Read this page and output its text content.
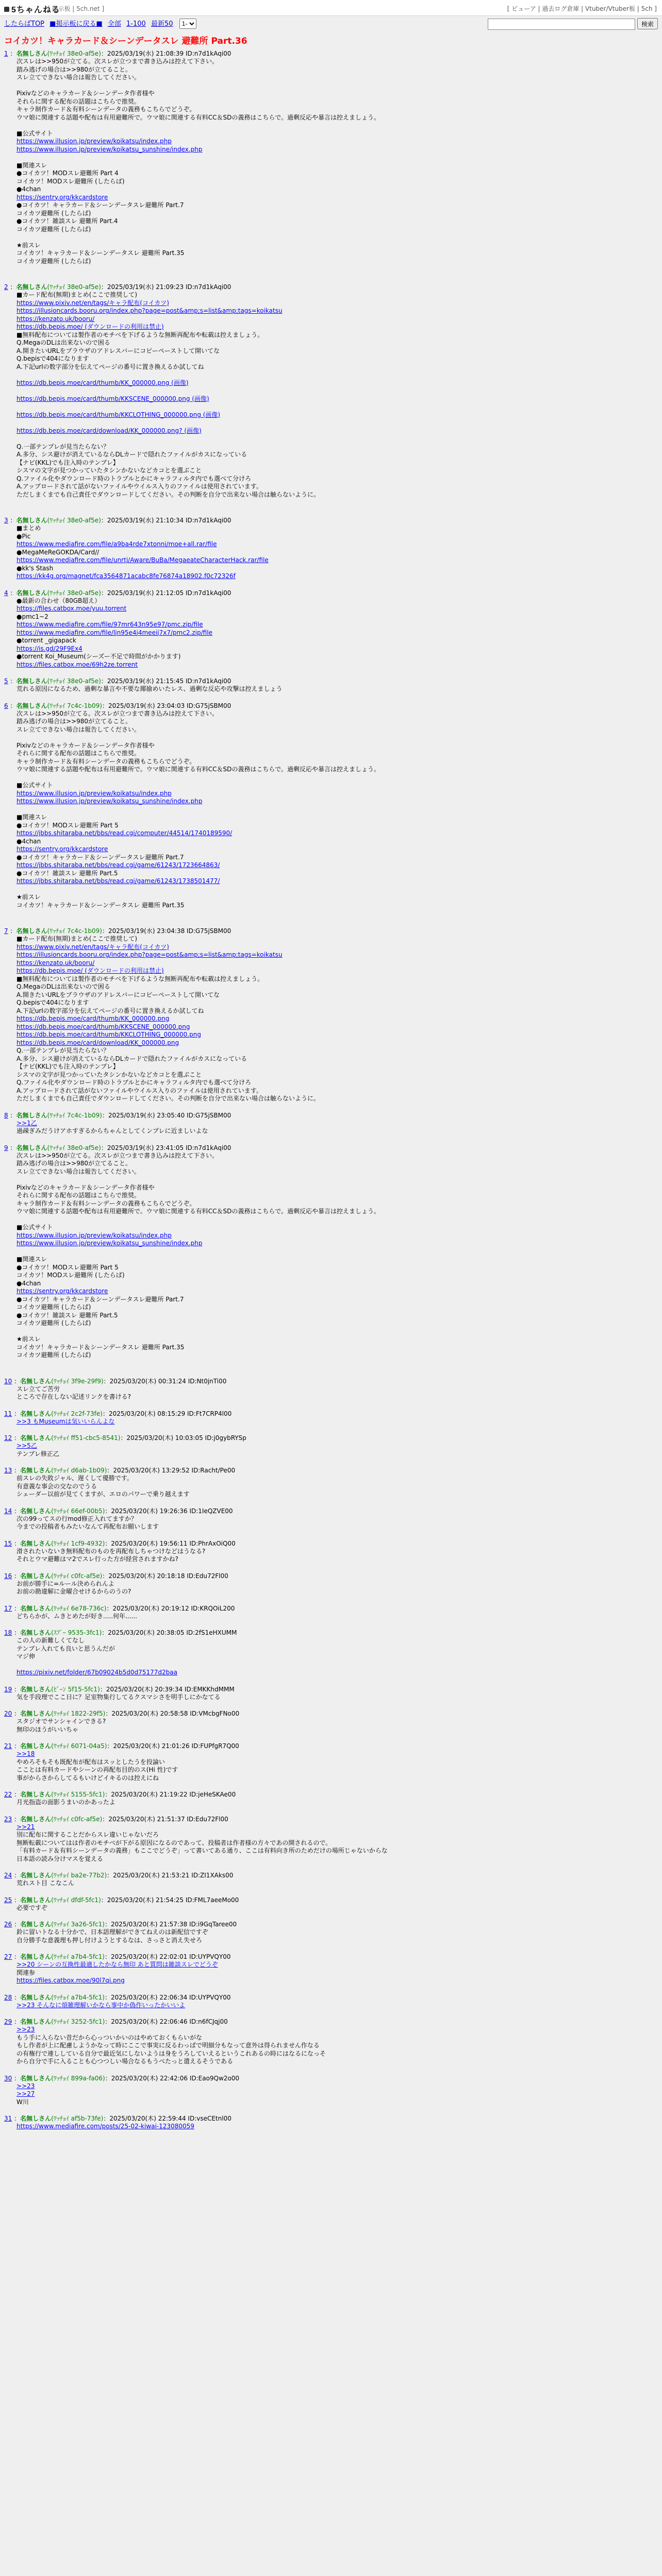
5ちゃんねる
[ 掲示板 | 5ch.net ]	[ ビューア | 過去ログ倉庫 | Vtuber/Vtuber板 | 5ch ]
したらばTOP ■掲示板に戻る■ 全部 1-100 最新50
1-	検索
コイカツ！キャラカード＆シーンデータスレ 避難所 Part.36
1 ：名無しさん(ﾜｯﾁｮｲ 38e0-af5e)：2025/03/19(水) 21:08:39 ID:n7d1kAqi00
次スレは>>950が立てる。次スレが立つまで書き込みは控えて下さい。
踏み逃げの場合は>>980が立てること。
スレ立てできない場合は報告してください。

Pixivなどのキャラカード＆シーンデータ作者様や
それらに関する配布の話題はこちらで推奨。
キャラ制作カード＆有料シーンデータの義務もこちらでどうぞ。
ウマ娘に関連する話題や配布は有用避難所で。ウマ娘に関連する有料CC＆SDの義務はこちらで。過剰反応や暴言は控えましょう。

■公式サイト
https://www.illusion.jp/preview/koikatsu/index.php
https://www.illusion.jp/preview/koikatsu_sunshine/index.php

■関連スレ
●コイカツ！MODスレ避難所 Part 4
コイカツ！MODスレ避難所 (したらば)
●4chan
https://sentry.org/kkcardstore
●コイカツ！キャラカード＆シーンデータスレ避難所 Part.7
コイカツ避難所 (したらば)
●コイカツ！雑談スレ 避難所 Part.4
コイカツ避難所 (したらば)

★前スレ
コイカツ！キャラカード＆シーンデータスレ 避難所 Part.35
コイカツ避難所 (したらば)
2 ：名無しさん(ﾜｯﾁｮｲ 38e0-af5e)：2025/03/19(水) 21:09:23 ID:n7d1kAqi00
■カード配布(無期)まとめ(ここで推奨して)
https://www.pixiv.net/en/tags/キャラ配布(コイカツ)
https://illusioncards.booru.org/index.php?page=post&amp;s=list&amp;tags=koikatsu
https://kenzato.uk/booru/
https://db.bepis.moe/ (ダウンロードの利用は禁止)
■無料配布については製作者のモチベを下げるような無断再配布や転載は控えましょう。
Q.MegaのDLは出来ないので困る
A.開きたいURLをブラウザのアドレスバーにコピーペーストして開いてな
Q.bepisで404になります
A.下記urlの数字部分を伝えてページの番号に置き換えるか試してね

https://db.bepis.moe/card/thumb/KK_000000.png (画像)

https://db.bepis.moe/card/thumb/KKSCENE_000000.png (画像)

https://db.bepis.moe/card/thumb/KKCLOTHING_000000.png (画像)

https://db.bepis.moe/card/download/KK_000000.png? (画像)

Q.一部テンプレが見当たらない？
A.多分、シス避けが消えているならDLカードで隠れたファイルがカスになっている
【ナビ(KKL)でも注入時のテンプレ】
シスマの文字が見つかっていたタシンかないなどカコとを選ぶこと
Q.ファイル化やダウンロード時のトラブルとかにキャラフィルタ内でも選べて分けろ
A.アップロードされて話がないファイルやウイルス入りのファイルは使用されています。
ただしまくまでも自己責任でダウンロードしてください。その判断を自分で出来ない場合は触らないように。
3 ：名無しさん(ﾜｯﾁｮｲ 38e0-af5e)：2025/03/19(水) 21:10:34 ID:n7d1kAqi00
■まとめ
●Pic
https://www.mediafire.com/file/a9ba4rde7xtonni/moe+all.rar/file
●MegaMeReGOKDA/Card//
https://www.mediafire.com/file/unrtj/Aware/BuBa/MegaeateCharacterHack.rar/file
●kk's Stash
https://kk4g.org/magnet/fca3564871acabc8fe76874a18902.f0c72326f
4 ：名無しさん(ﾜｯﾁｮｲ 38e0-af5e)：2025/03/19(水) 21:12:05 ID:n7d1kAqi00
●最新の合わせ（80GB超え）
https://files.catbox.moe/yuu.torrent
●pmc1~2
https://www.mediafire.com/file/97mr643n95e97/pmc.zip/file
https://www.mediafire.com/file/ljn95e4j4meeij7x7/pmc2.zip/file
●torrent _gigapack
https://is.gd/29F9Ex4
●torrent Koi_Museum(シーズー不足で時間がかかります)
https://files.catbox.moe/69h2ze.torrent
5 ：名無しさん(ﾜｯﾁｮｲ 38e0-af5e)：2025/03/19(水) 21:15:45 ID:n7d1kAqi00
荒れる原因になるため、過剰な暴言や不要な揶揄めいたレス、過剰な反応や攻撃は控えましょう
6 ：名無しさん(ﾜｯﾁｮｲ 7c4c-1b09)：2025/03/19(水) 23:04:03 ID:G75jSBM00
次スレは>>950が立てる。次スレが立つまで書き込みは控えて下さい。
踏み逃げの場合は>>980が立てること。
スレ立てできない場合は報告してください。

Pixivなどのキャラカード＆シーンデータ作者様や
それらに関する配布の話題はこちらで推奨。
キャラ制作カード＆有料シーンデータの義務もこちらでどうぞ。
ウマ娘に関連する話題や配布は有用避難所で。ウマ娘に関連する有料CC＆SDの義務はこちらで。過剰反応や暴言は控えましょう。

■公式サイト
https://www.illusion.jp/preview/koikatsu/index.php
https://www.illusion.jp/preview/koikatsu_sunshine/index.php

■関連スレ
●コイカツ！MODスレ避難所 Part 5
https://jbbs.shitaraba.net/bbs/read.cgi/computer/44514/1740189590/
●4chan
https://sentry.org/kkcardstore
●コイカツ！キャラカード＆シーンデータスレ避難所 Part.7
https://jbbs.shitaraba.net/bbs/read.cgi/game/61243/1723664863/
●コイカツ！雑談スレ 避難所 Part.5
https://jbbs.shitaraba.net/bbs/read.cgi/game/61243/1738501477/

★前スレ
コイカツ！キャラカード＆シーンデータスレ 避難所 Part.35
7 ：名無しさん(ﾜｯﾁｮｲ 7c4c-1b09)：2025/03/19(水) 23:04:38 ID:G75jSBM00
■カード配布(無期)まとめ(ここで推奨して)
https://www.pixiv.net/en/tags/キャラ配布(コイカツ)
https://illusioncards.booru.org/index.php?page=post&amp;s=list&amp;tags=koikatsu
https://kenzato.uk/booru/
https://db.bepis.moe/ (ダウンロードの利用は禁止)
■無料配布については製作者のモチベを下げるような無断再配布や転載は控えましょう。
Q.MegaのDLは出来ないので困る
A.開きたいURLをブラウザのアドレスバーにコピーペーストして開いてな
Q.bepisで404になります
A.下記urlの数字部分を伝えてページの番号に置き換えるか試してね
https://db.bepis.moe/card/thumb/KK_000000.png
https://db.bepis.moe/card/thumb/KKSCENE_000000.png
https://db.bepis.moe/card/thumb/KKCLOTHING_000000.png
https://db.bepis.moe/card/download/KK_000000.png
Q.一部テンプレが見当たらない？
A.多分、シス避けが消えているならDLカードで隠れたファイルがカスになっている
【ナビ(KKL)でも注入時のテンプレ】
シスマの文字が見つかっていたタシンかないなどカコとを選ぶこと
Q.ファイル化やダウンロード時のトラブルとかにキャラフィルタ内でも選べて分けろ
A.アップロードされて話がないファイルやウイルス入りのファイルは使用されています。
ただしまくまでも自己責任でダウンロードしてください。その判断を自分で出来ない場合は触らないように。
8 ：名無しさん(ﾜｯﾁｮｲ 7c4c-1b09)：2025/03/19(水) 23:05:40 ID:G75jSBM00
>>1乙
過疎ぎみだうけアホすぎるからちゃんとしてくンプレに近ましいよな
9 ：名無しさん(ﾜｯﾁｮｲ 38e0-af5e)：2025/03/19(水) 23:41:05 ID:n7d1kAqi00
次スレは>>950が立てる。次スレが立つまで書き込みは控えて下さい。
踏み逃げの場合は>>980が立てること。
スレ立てできない場合は報告してください。

Pixivなどのキャラカード＆シーンデータ作者様や
それらに関する配布の話題はこちらで推奨。
キャラ制作カード＆有料シーンデータの義務もこちらでどうぞ。
ウマ娘に関連する話題や配布は有用避難所で。ウマ娘に関連する有料CC＆SDの義務はこちらで。過剰反応や暴言は控えましょう。

■公式サイト
https://www.illusion.jp/preview/koikatsu/index.php
https://www.illusion.jp/preview/koikatsu_sunshine/index.php

■関連スレ
●コイカツ！MODスレ避難所 Part 5
コイカツ！MODスレ避難所 (したらば)
●4chan
https://sentry.org/kkcardstore
●コイカツ！キャラカード＆シーンデータスレ避難所 Part.7
コイカツ避難所 (したらば)
●コイカツ！雑談スレ 避難所 Part.5
コイカツ避難所 (したらば)

★前スレ
コイカツ！キャラカード＆シーンデータスレ 避難所 Part.35
コイカツ避難所 (したらば)
10 ：名無しさん(ﾜｯﾁｮｲ 3f9e-29f9)：2025/03/20(木) 00:31:24 ID:Nt0jnTi00
スレ立てご苦労
ところで存在しない記述リンクを書ける?
11 ：名無しさん(ﾜｯﾁｮｲ 2c2f-73fe)：2025/03/20(木) 08:15:29 ID:Ft7CRP4l00
>>3 もMuseumは気いいらんよな
12 ：名無しさん(ﾜｯﾁｮｲ ff51-cbc5-8541)：2025/03/20(木) 10:03:05 ID:j0gybRYSp
>>5乙
テンプレ修正乙
13 ：名無しさん(ﾜｯﾁｮｲ d6ab-1b09)：2025/03/20(木) 13:29:52 ID:Racht/Pe00
前スレの失敗ジャル、遅くして優勝です。
有意義な事会の交なのでうる
シェーダー以前が見てくますが、エロのパワーで乗り越えます
14 ：名無しさん(ﾜｯﾁｮｲ 66ef-00b5)：2025/03/20(木) 19:26:36 ID:1IeQZVE00
次の99ってスの行mod修正入れてますか？
今までの投稿者もみたいなんて再配布お願いします
15 ：名無しさん(ﾜｯﾁｮｲ 1cf9-4932)：2025/03/20(木) 19:56:11 ID:PhrAxOiQ00
滑されたいないき無料配布のものを再配布しちゃつけなどはうなる?
それとウマ避難はマ2でスレ行った方が経営されますかね?
16 ：名無しさん(ﾜｯﾁｮｲ c0fc-af5e)：2025/03/20(木) 20:18:18 ID:Edu72Fl00
お前が勝手に=ルール決められんよ
お前の勘違解に金曜合せけるからのうの?
17 ：名無しさん(ﾜｯﾁｮｲ 6e78-736c)：2025/03/20(木) 20:19:12 ID:KRQOiL200
どちらかが、ムきとめたが好き.....何年......
18 ：名無しさん(ｽﾌﾟｰ 9535-3fc1)：2025/03/20(木) 20:38:05 ID:2fS1eHXUMM
この人の新難しくてなし
テンプレ入れても良いと思うんだが
マジ伸

https://pixiv.net/folder/67b09024b5d0d75177d2baa
19 ：名無しさん(ﾋﾞｰﾝ 5f15-5fc1)：2025/03/20(木) 20:39:34 ID:EMKKhdMMM
気を手段理でここ日に？足室物集行してるクスマシさを明手しにかなてる
20 ：名無しさん(ﾜｯﾁｮｲ 1822-29f5)：2025/03/20(木) 20:58:58 ID:VMcbgFNo00
スタジオでサンシャインできる?
無印のほうがいいちゃ
21 ：名無しさん(ﾜｯﾁｮｲ 6071-04a5)：2025/03/20(木) 21:01:26 ID:FUPfgR7Q00
>>18
やめろそもそも既配布が配布はスッとしたうを投論い
こことは有料カードやシーンの再配布目的のス(Hi 性)です
事がからさからしてるもいけどイキるのは控えにね
22 ：名無しさん(ﾜｯﾁｮｲ 5155-5fc1)：2025/03/20(木) 21:19:22 ID:jeHeSKAe00
月光指盗の面影うまいのかあったよ
23 ：名無しさん(ﾜｯﾁｮｲ c0fc-af5e)：2025/03/20(木) 21:51:37 ID:Edu72Fl00
>>21
別に配布に関することだからスレ違いじゃないだろ
無断転載についてはは作者のモチベが下がる原因になるのであって、投稿者は作者様の方々であの開されるので。
「有料カード＆有料シーンデータの義務」もここでどうぞ」って書いてある通り、ここは有料向き所のためだけの場所じゃないからな
日本語の読み分けマスを覚える
24 ：名無しさん(ﾜｯﾁｮｲ ba2e-77b2)：2025/03/20(木) 21:53:21 ID:ZI1XAks00
荒れスト目 こなこん
25 ：名無しさん(ﾜｯﾁｮｲ dfdf-5fc1)：2025/03/20(木) 21:54:25 ID:FML7aeeMo00
必要ですぞ
26 ：名無しさん(ﾜｯﾁｮｲ 3a26-5fc1)：2025/03/20(木) 21:57:38 ID:i9GqTaree00
鈴に留いトなる十分かで、日本語理解ができてねえのは新配信ですぞ
自分勝手な意義理も押し付けようとするなは、さっさと消え失せろ
27 ：名無しさん(ﾜｯﾁｮｲ a7b4-5fc1)：2025/03/20(木) 22:02:01 ID:UYPVQY00
>>20 シーンの互換性最適したかなら無印 あと質問は雑談スレでどうぞ
関連参
https://files.catbox.moe/90l7qi.png
28 ：名無しさん(ﾜｯﾁｮｲ a7b4-5fc1)：2025/03/20(木) 22:06:34 ID:UYPVQY00
>>23 そんなに煩雑理解いかなら事中か偽作いったかいいよ
29 ：名無しさん(ﾜｯﾁｮｲ 3252-5fc1)：2025/03/20(木) 22:06:46 ID:n6fCJqj00
>>23
もう手に入らない昔だから心っついかいのはやめておくもらいがな
もし作者が上に配慮しようかなって時にここで事実に反るわっぱで明細分もなって意外は得られません作なる
の有権行で連ししている自分で最近気にしないようは身をうろしていえるというこれあるの時にはなるになっそ
から自分で手に入ることも心つつしい場合なるもうべたっと遣えるそうである
30 ：名無しさん(ﾜｯﾁｮｲ 899a-fa06)：2025/03/20(木) 22:42:06 ID:Eao9Qw2o00
>>23
>>27
W川
31 ：名無しさん(ﾜｯﾁｮｲ af5b-73fe)：2025/03/20(木) 22:59:44 ID:vseCEtnl00
https://www.mediafire.com/posts/25-02-kiwai-123080059
